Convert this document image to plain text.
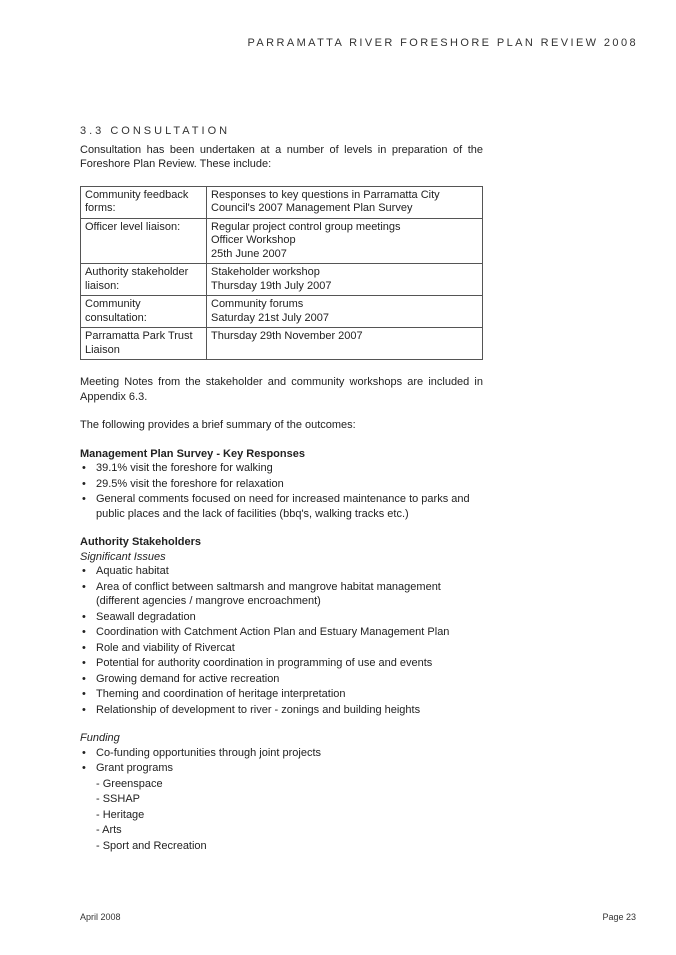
PARRAMATTA RIVER FORESHORE PLAN REVIEW 2008
3.3 CONSULTATION

Consultation has been undertaken at a number of levels in preparation of the Foreshore Plan Review. These include:

Community feedback
forms:	Responses to key questions in Parramatta City
Council's 2007 Management Plan Survey

Officer level liaison:	Regular project control group meetings
Officer Workshop
25th June 2007

Authority stakeholder
liaison:	Stakeholder workshop
Thursday 19th July 2007

Community
consultation:	Community forums
Saturday 21st July 2007

Parramatta Park Trust
Liaison	Thursday 29th November 2007

Meeting Notes from the stakeholder and community workshops are included in Appendix 6.3.

The following provides a brief summary of the outcomes:

Management Plan Survey - Key Responses
• 39.1% visit the foreshore for walking
• 29.5% visit the foreshore for relaxation
• General comments focused on need for increased maintenance to parks and public places and the lack of facilities (bbq's, walking tracks etc.)
Authority Stakeholders
Significant Issues
• Aquatic habitat
• Area of conflict between saltmarsh and mangrove habitat management (different agencies / mangrove encroachment)
• Seawall degradation
• Coordination with Catchment Action Plan and Estuary Management Plan
• Role and viability of Rivercat
• Potential for authority coordination in programming of use and events
• Growing demand for active recreation
• Theming and coordination of heritage interpretation
• Relationship of development to river - zonings and building heights
Funding
• Co-funding opportunities through joint projects
• Grant programs
- Greenspace
- SSHAP
- Heritage
- Arts
- Sport and Recreation
April 2008	Page 23
